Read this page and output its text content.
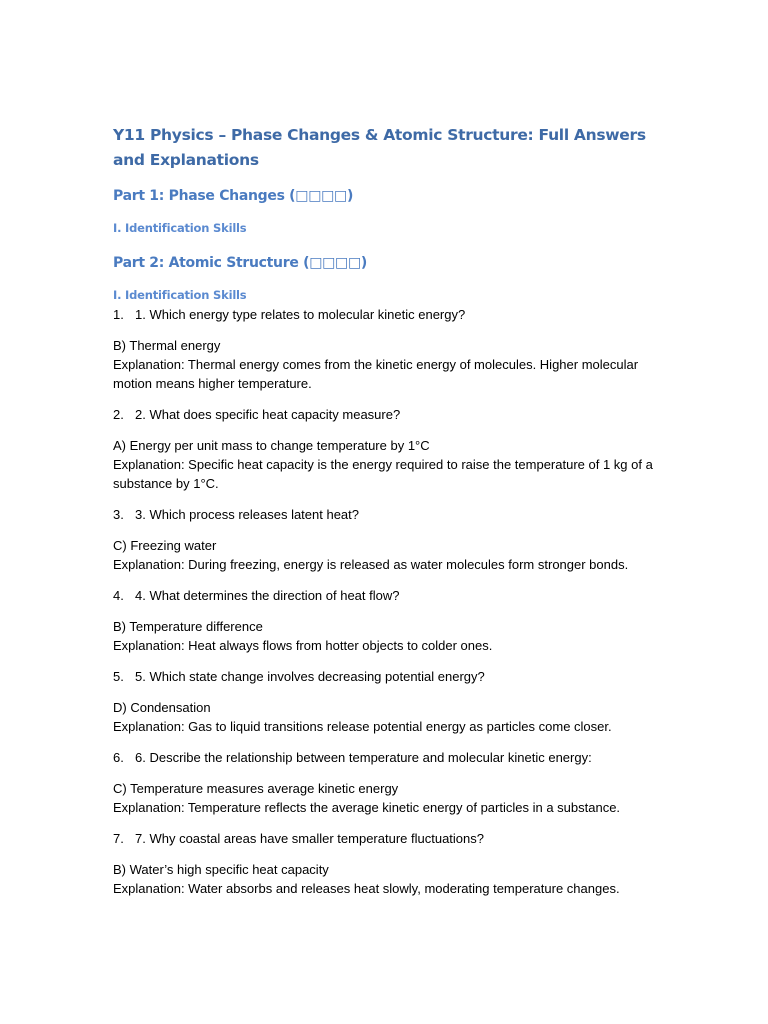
Y11 Physics – Phase Changes & Atomic Structure: Full Answers and Explanations
Part 1: Phase Changes (□□□□)
I. Identification Skills
Part 2: Atomic Structure (□□□□)
I. Identification Skills

1. 1. Which energy type relates to molecular kinetic energy?

B) Thermal energy

Explanation: Thermal energy comes from the kinetic energy of molecules. Higher molecular motion means higher temperature.

2. 2. What does specific heat capacity measure?

A) Energy per unit mass to change temperature by 1°C

Explanation: Specific heat capacity is the energy required to raise the temperature of 1 kg of a substance by 1°C.

3. 3. Which process releases latent heat?

C) Freezing water

Explanation: During freezing, energy is released as water molecules form stronger bonds.

4. 4. What determines the direction of heat flow?

B) Temperature difference

Explanation: Heat always flows from hotter objects to colder ones.

5. 5. Which state change involves decreasing potential energy?

D) Condensation

Explanation: Gas to liquid transitions release potential energy as particles come closer.

6. 6. Describe the relationship between temperature and molecular kinetic energy:

C) Temperature measures average kinetic energy

Explanation: Temperature reflects the average kinetic energy of particles in a substance.

7. 7. Why coastal areas have smaller temperature fluctuations?

B) Water’s high specific heat capacity

Explanation: Water absorbs and releases heat slowly, moderating temperature changes.
